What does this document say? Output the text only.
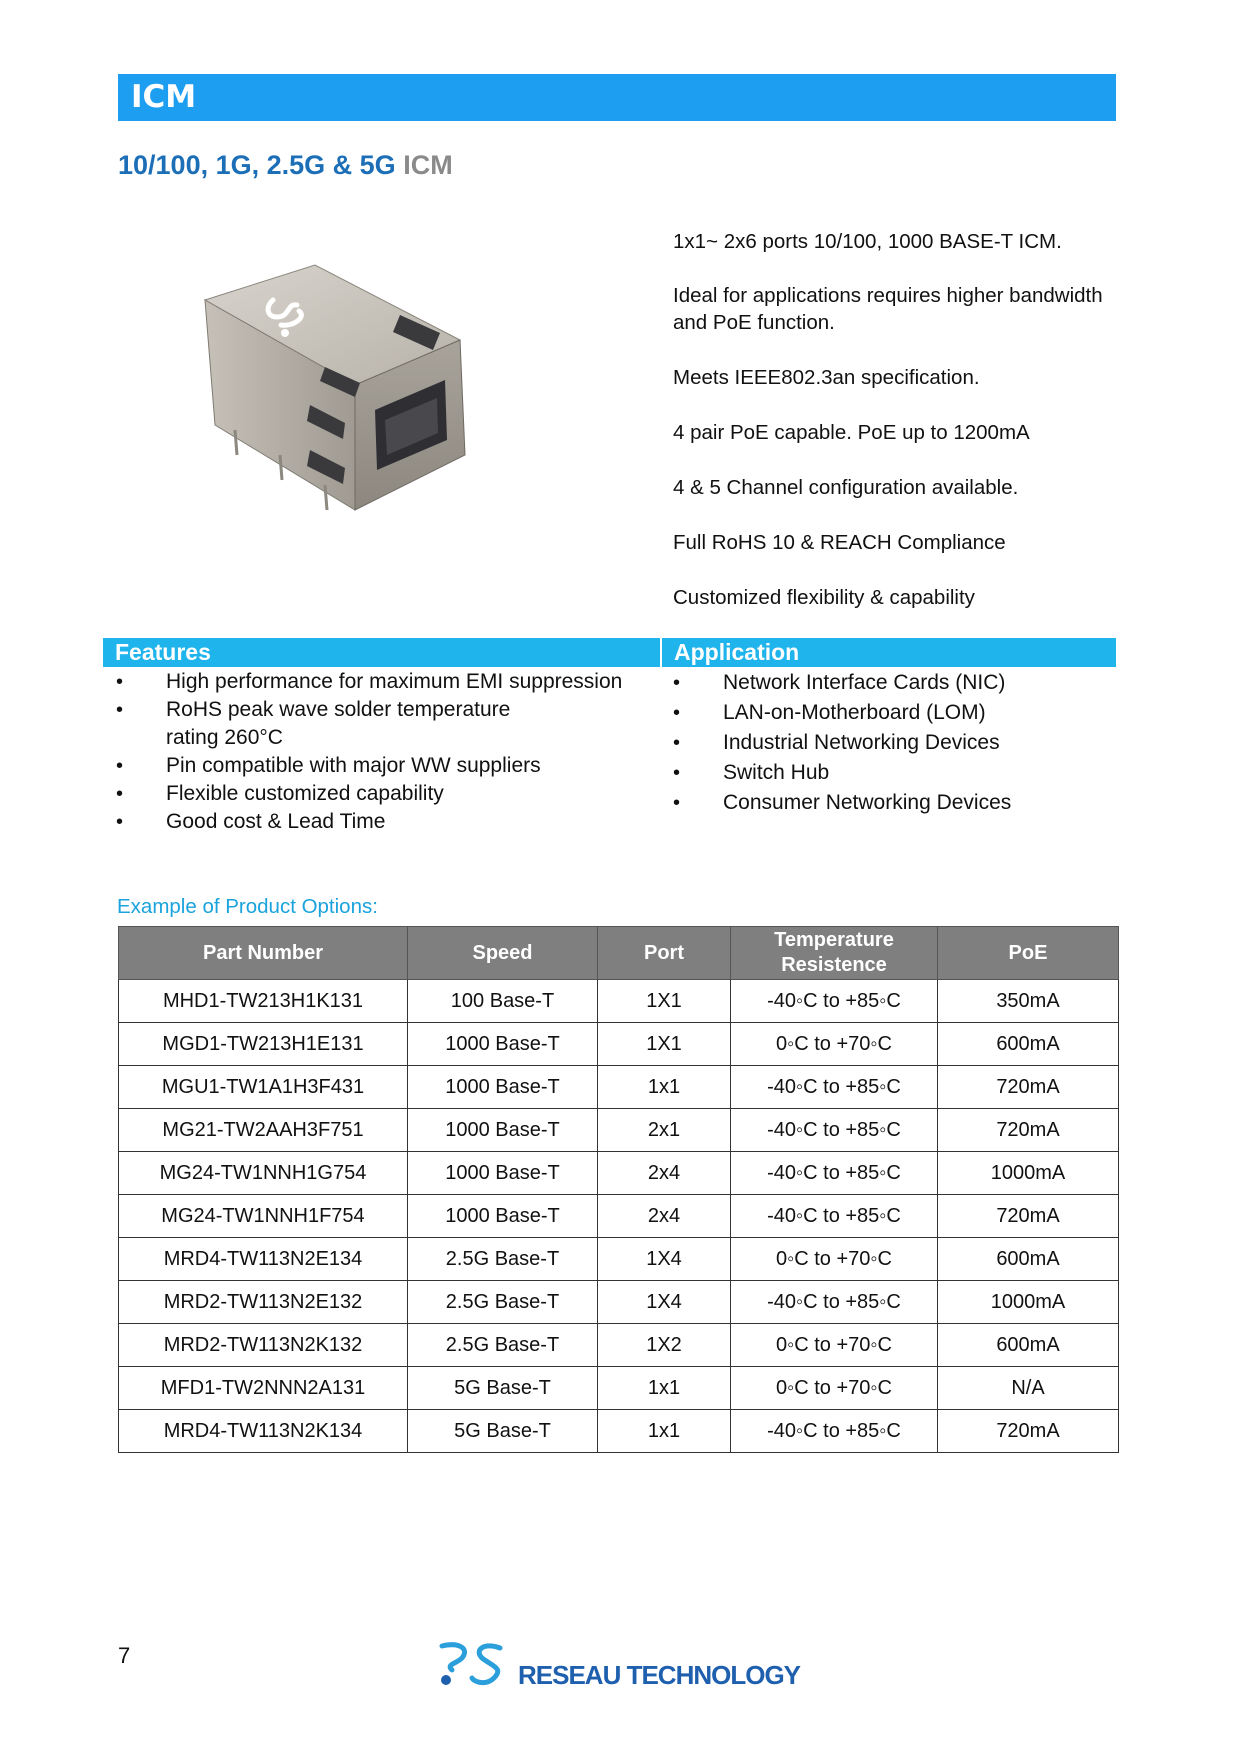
ICM
10/100, 1G, 2.5G & 5G ICM

1x1~ 2x6 ports 10/100, 1000 BASE-T ICM.

Ideal for applications requires higher bandwidth and PoE function.

Meets IEEE802.3an specification.

4 pair PoE capable. PoE up to 1200mA

4 & 5 Channel configuration available.

Full RoHS 10 & REACH Compliance

Customized flexibility & capability

Features	Application
• High performance for maximum EMI suppression
• RoHS peak wave solder temperature rating 260°C
• Pin compatible with major WW suppliers
• Flexible customized capability
• Good cost & Lead Time
• Network Interface Cards (NIC)
• LAN-on-Motherboard (LOM)
• Industrial Networking Devices
• Switch Hub
• Consumer Networking Devices
Example of Product Options:
Part Number	Speed	Port	Temperature Resistence	PoE
MHD1-TW213H1K131	100 Base-T	1X1	-40◦C to +85◦C	350mA
MGD1-TW213H1E131	1000 Base-T	1X1	0◦C to +70◦C	600mA
MGU1-TW1A1H3F431	1000 Base-T	1x1	-40◦C to +85◦C	720mA
MG21-TW2AAH3F751	1000 Base-T	2x1	-40◦C to +85◦C	720mA
MG24-TW1NNH1G754	1000 Base-T	2x4	-40◦C to +85◦C	1000mA
MG24-TW1NNH1F754	1000 Base-T	2x4	-40◦C to +85◦C	720mA
MRD4-TW113N2E134	2.5G Base-T	1X4	0◦C to +70◦C	600mA
MRD2-TW113N2E132	2.5G Base-T	1X4	-40◦C to +85◦C	1000mA
MRD2-TW113N2K132	2.5G Base-T	1X2	0◦C to +70◦C	600mA
MFD1-TW2NNN2A131	5G Base-T	1x1	0◦C to +70◦C	N/A
MRD4-TW113N2K134	5G Base-T	1x1	-40◦C to +85◦C	720mA
7
RESEAU TECHNOLOGY
